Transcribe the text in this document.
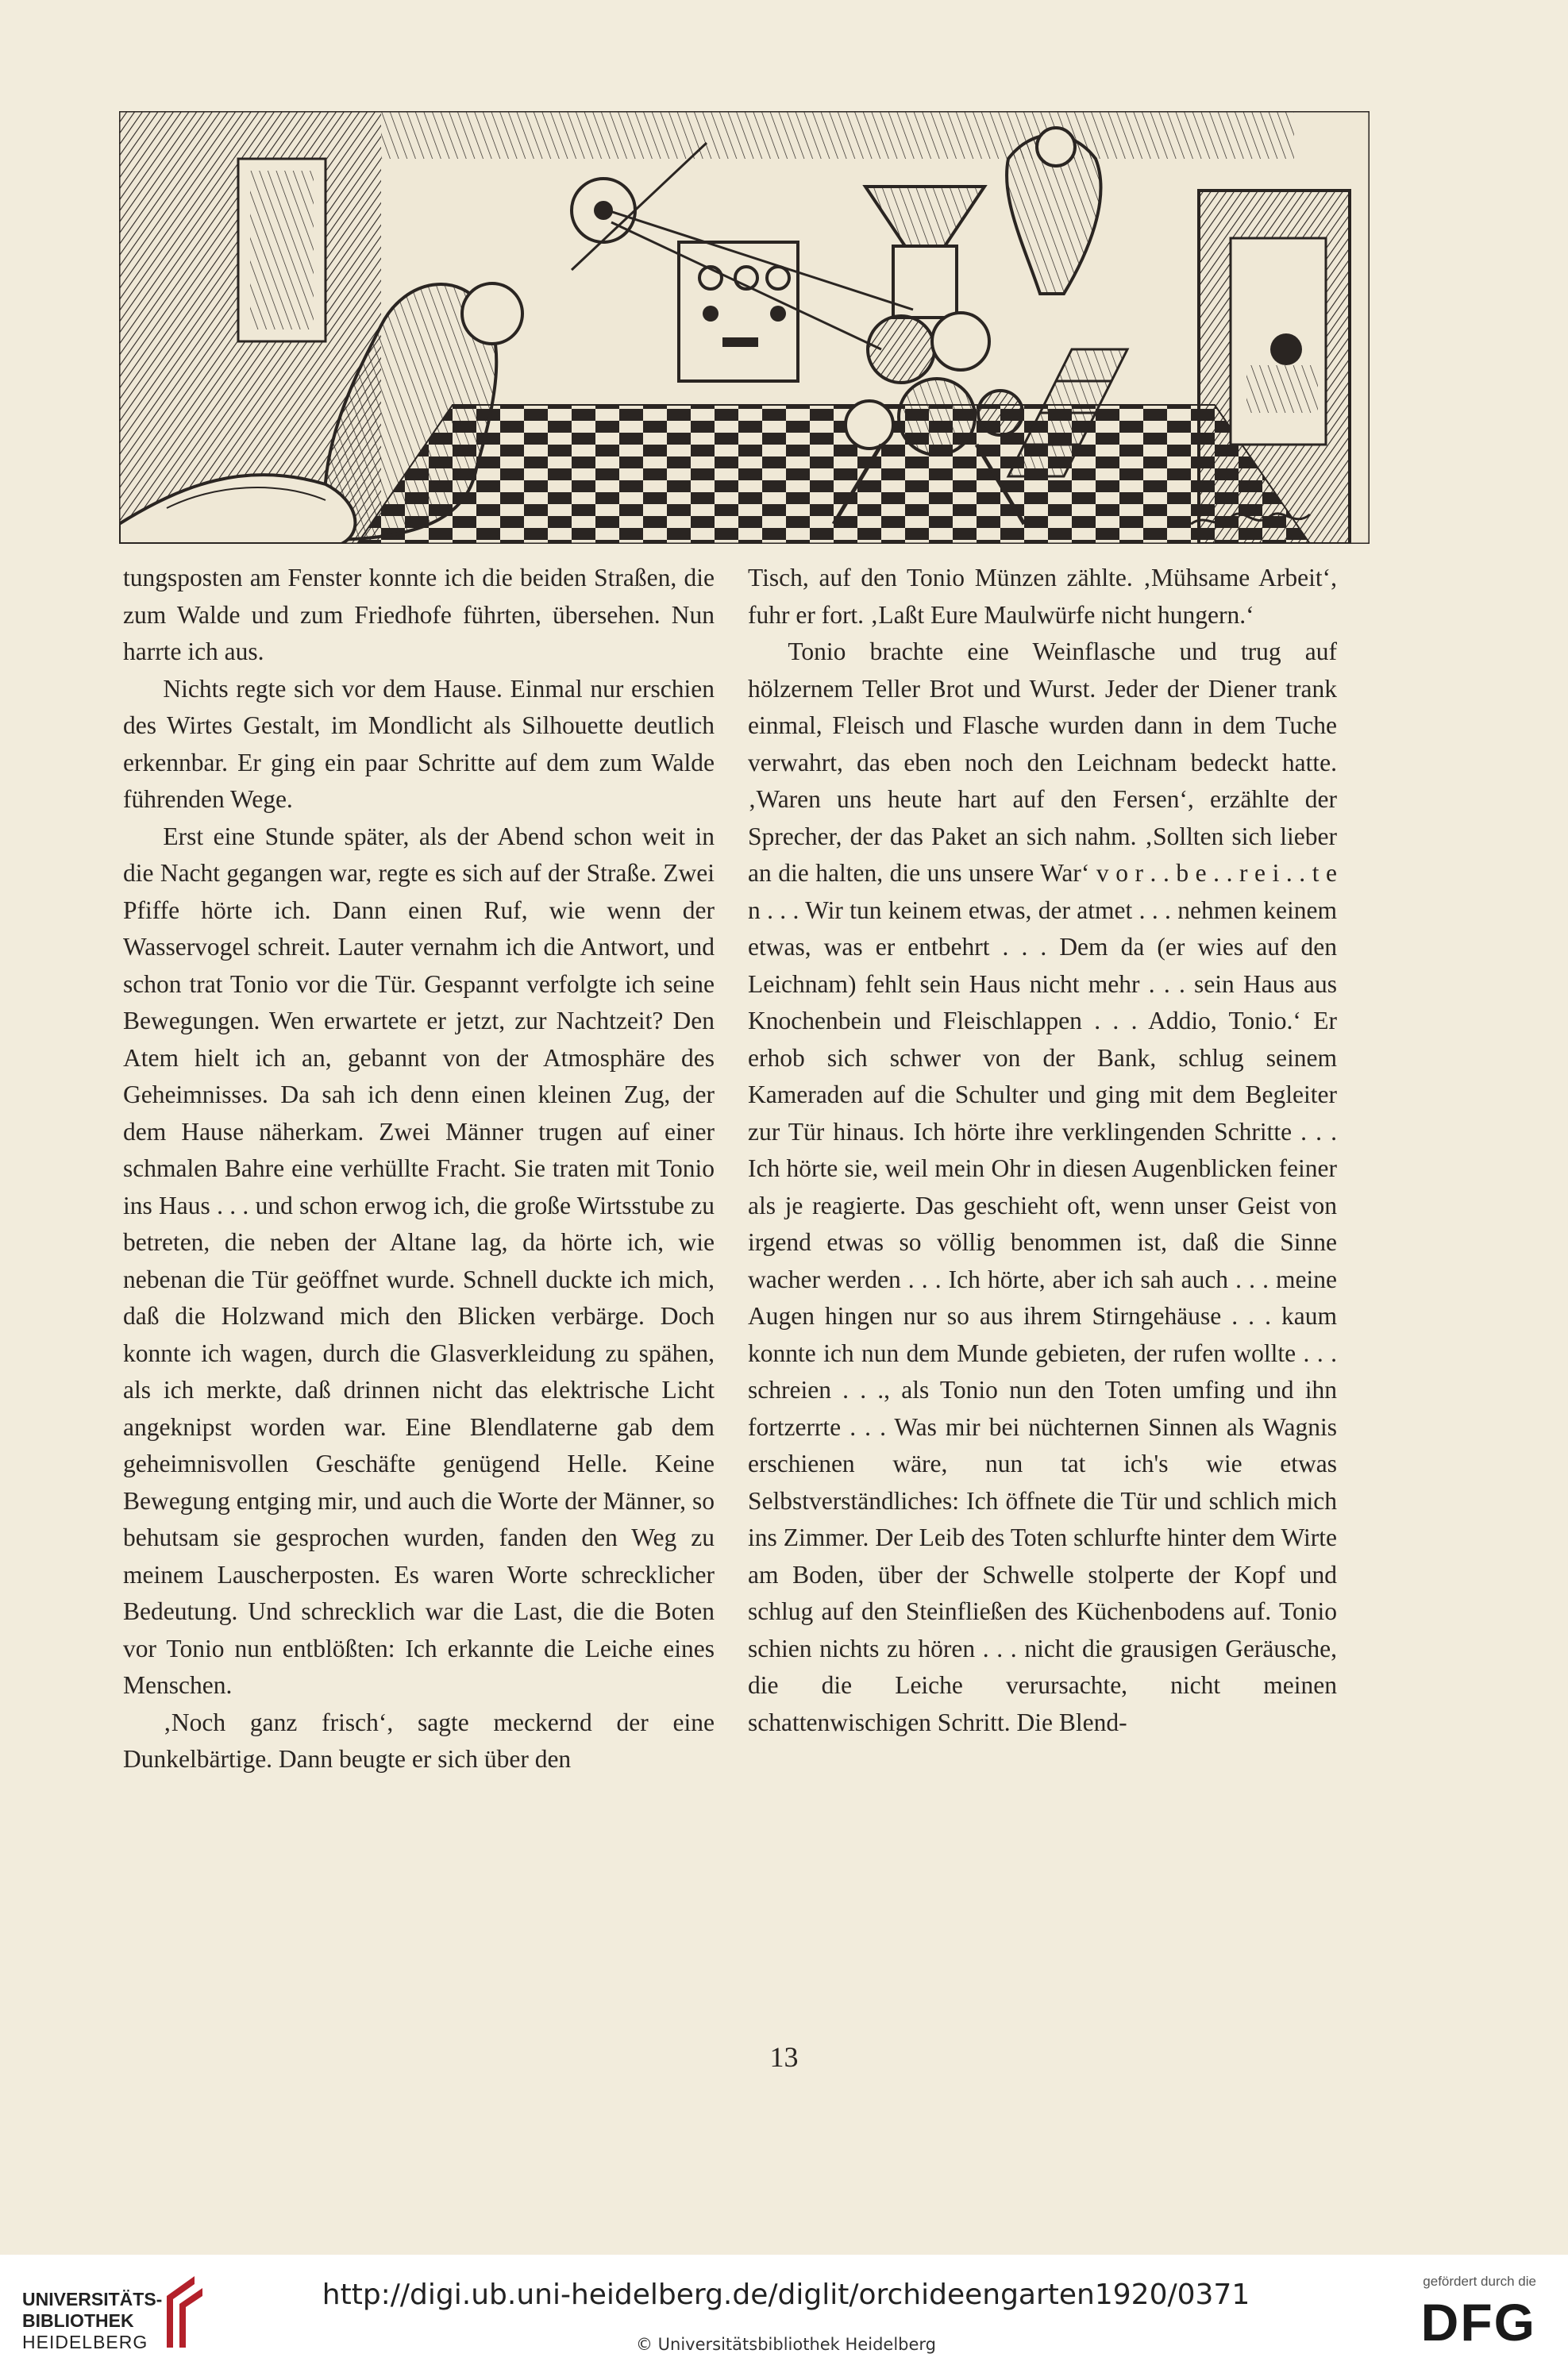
tungsposten am Fenster konnte ich die beiden Straßen, die zum Walde und zum Friedhofe führten, übersehen. Nun harrte ich aus.

Nichts regte sich vor dem Hause. Einmal nur erschien des Wirtes Gestalt, im Mondlicht als Silhouette deutlich erkennbar. Er ging ein paar Schritte auf dem zum Walde führenden Wege.

Erst eine Stunde später, als der Abend schon weit in die Nacht gegangen war, regte es sich auf der Straße. Zwei Pfiffe hörte ich. Dann einen Ruf, wie wenn der Wasservogel schreit. Lauter vernahm ich die Antwort, und schon trat Tonio vor die Tür. Gespannt verfolgte ich seine Bewegungen. Wen erwartete er jetzt, zur Nachtzeit? Den Atem hielt ich an, gebannt von der Atmosphäre des Geheimnisses. Da sah ich denn einen kleinen Zug, der dem Hause näherkam. Zwei Männer trugen auf einer schmalen Bahre eine verhüllte Fracht. Sie traten mit Tonio ins Haus . . . und schon erwog ich, die große Wirtsstube zu betreten, die neben der Altane lag, da hörte ich, wie nebenan die Tür geöffnet wurde. Schnell duckte ich mich, daß die Holzwand mich den Blicken verbärge. Doch konnte ich wagen, durch die Glasverkleidung zu spähen, als ich merkte, daß drinnen nicht das elektrische Licht angeknipst worden war. Eine Blendlaterne gab dem geheimnisvollen Geschäfte genügend Helle. Keine Bewegung entging mir, und auch die Worte der Männer, so behutsam sie gesprochen wurden, fanden den Weg zu meinem Lauscherposten. Es waren Worte schrecklicher Bedeutung. Und schrecklich war die Last, die die Boten vor Tonio nun entblößten: Ich erkannte die Leiche eines Menschen.

‚Noch ganz frisch‘, sagte meckernd der eine Dunkelbärtige. Dann beugte er sich über den

Tisch, auf den Tonio Münzen zählte. ‚Mühsame Arbeit‘, fuhr er fort. ‚Laßt Eure Maulwürfe nicht hungern.‘

Tonio brachte eine Weinflasche und trug auf hölzernem Teller Brot und Wurst. Jeder der Diener trank einmal, Fleisch und Flasche wurden dann in dem Tuche verwahrt, das eben noch den Leichnam bedeckt hatte. ‚Waren uns heute hart auf den Fersen‘, erzählte der Sprecher, der das Paket an sich nahm. ‚Sollten sich lieber an die halten, die uns unsere War‘ v o r . . b e . . r e i . . t e n . . . Wir tun keinem etwas, der atmet . . . nehmen keinem etwas, was er entbehrt . . . Dem da (er wies auf den Leichnam) fehlt sein Haus nicht mehr . . . sein Haus aus Knochenbein und Fleischlappen . . . Addio, Tonio.‘ Er erhob sich schwer von der Bank, schlug seinem Kameraden auf die Schulter und ging mit dem Begleiter zur Tür hinaus. Ich hörte ihre verklingenden Schritte . . . Ich hörte sie, weil mein Ohr in diesen Augenblicken feiner als je reagierte. Das geschieht oft, wenn unser Geist von irgend etwas so völlig benommen ist, daß die Sinne wacher werden . . . Ich hörte, aber ich sah auch . . . meine Augen hingen nur so aus ihrem Stirngehäuse . . . kaum konnte ich nun dem Munde gebieten, der rufen wollte . . . schreien . . ., als Tonio nun den Toten umfing und ihn fortzerrte . . . Was mir bei nüchternen Sinnen als Wagnis erschienen wäre, nun tat ich's wie etwas Selbstverständliches: Ich öffnete die Tür und schlich mich ins Zimmer. Der Leib des Toten schlurfte hinter dem Wirte am Boden, über der Schwelle stolperte der Kopf und schlug auf den Steinfließen des Küchenbodens auf. Tonio schien nichts zu hören . . . nicht die grausigen Geräusche, die die Leiche verursachte, nicht meinen schattenwischigen Schritt. Die Blend-

13
UNIVERSITÄTS-
BIBLIOTHEK
HEIDELBERG
http://digi.ub.uni-heidelberg.de/diglit/orchideengarten1920/0371
© Universitätsbibliothek Heidelberg
gefördert durch die
DFG
